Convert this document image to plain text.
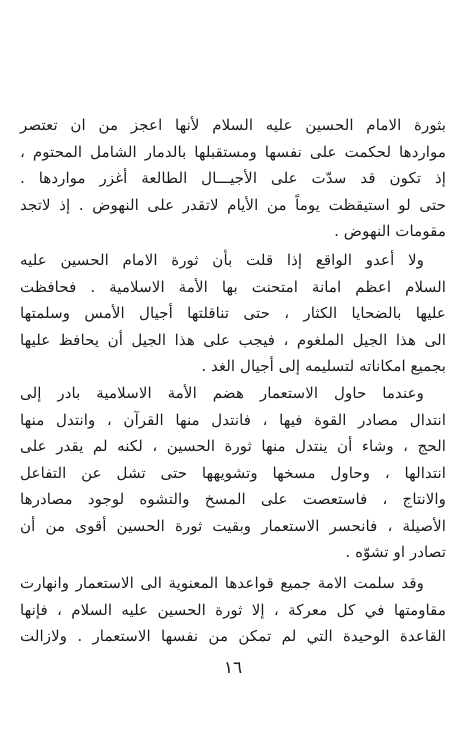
بثورة الامام الحسين عليه السلام لأنها اعجز من ان تعتصر
مواردها لحكمت على نفسها ومستقبلها بالدمار الشامل المحتوم ،
إذ تكون قد سدّت على الأجيـــال الطالعة أغزر مواردها .
حتى لو استيقظت يوماً من الأيام لاتقدر على النهوض . إذ لاتجد
مقومات النهوض .
ولا أعدو الواقع إذا قلت بأن ثورة الامام الحسين عليه
السلام اعظم امانة امتحنت بها الأمة الاسلامية . فحافظت
عليها بالضحايا الكثار ، حتى تناقلتها أجيال الأمس وسلمتها
الى هذا الجيل الملغوم ، فيجب على هذا الجيل أن يحافظ عليها
بجميع امكاناته لتسليمه إلى أجيال الغد .
وعندما حاول الاستعمار هضم الأمة الاسلامية بادر إلى
انتدال مصادر القوة فيها ، فانتدل منها القرآن ، وانتدل منها
الحج ، وشاء أن ينتدل منها ثورة الحسين ، لكنه لم يقدر على
انتدالها ، وحاول مسخها وتشويهها حتى تشل عن التفاعل
والانتاج ، فاستعصت على المسخ والتشوه لوجود مصادرها
الأصيلة ، فانحسر الاستعمار وبقيت ثورة الحسين أقوى من أن
تصادر او تشوّه .
وقد سلمت الامة جميع قواعدها المعنوية الى الاستعمار وانهارت
مقاومتها في كل معركة ، إلا ثورة الحسين عليه السلام ، فإنها
القاعدة الوحيدة التي لم تمكن من نفسها الاستعمار . ولازالت
١٦
